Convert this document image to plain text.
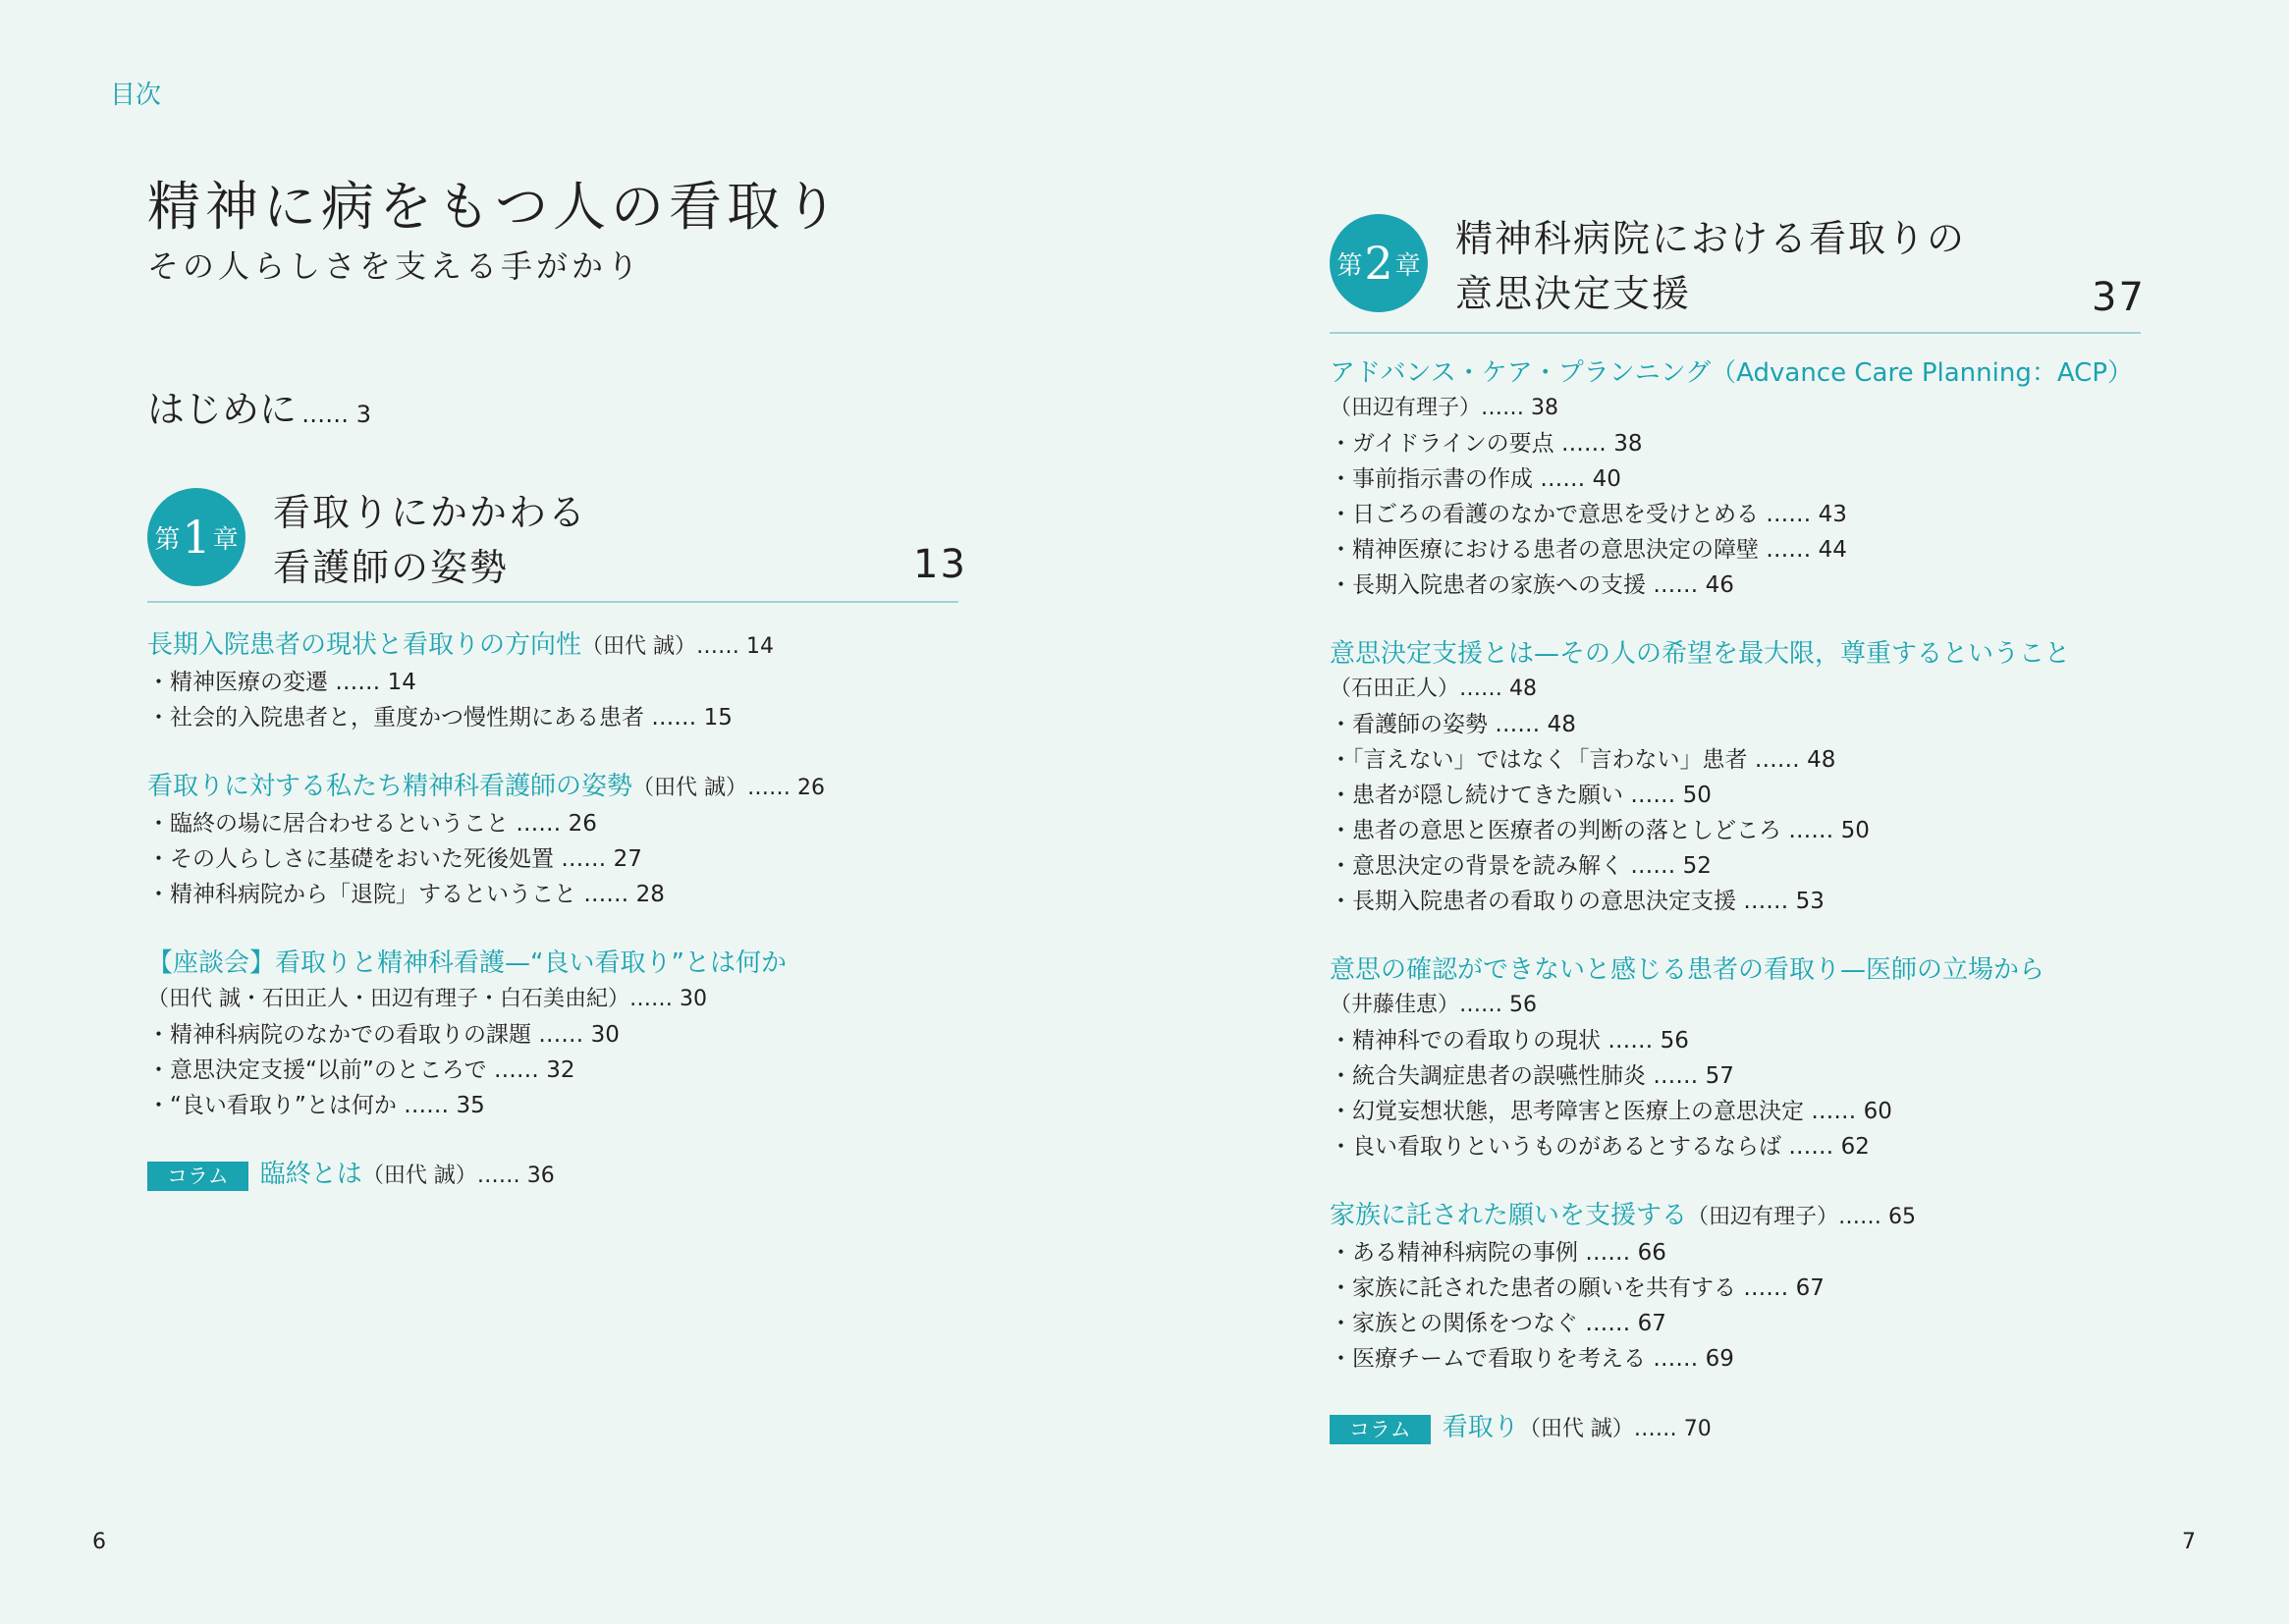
目次
精神に病をもつ人の看取り
その人らしさを支える手がかり
はじめに …… 3
第 1 章
看取りにかかわる
看護師の姿勢	13
長期入院患者の現状と看取りの方向性（田代 誠）…… 14
・精神医療の変遷 …… 14
・社会的入院患者と，重度かつ慢性期にある患者 …… 15
看取りに対する私たち精神科看護師の姿勢（田代 誠）…… 26
・臨終の場に居合わせるということ …… 26
・その人らしさに基礎をおいた死後処置 …… 27
・精神科病院から「退院」するということ …… 28
【座談会】看取りと精神科看護—“良い看取り”とは何か
（田代 誠・石田正人・田辺有理子・白石美由紀）…… 30
・精神科病院のなかでの看取りの課題 …… 30
・意思決定支援“以前”のところで …… 32
・“良い看取り”とは何か …… 35
コラム 臨終とは（田代 誠）…… 36
第 2 章
精神科病院における看取りの
意思決定支援	37
アドバンス・ケア・プランニング（Advance Care Planning：ACP）
（田辺有理子）…… 38
・ガイドラインの要点 …… 38
・事前指示書の作成 …… 40
・日ごろの看護のなかで意思を受けとめる …… 43
・精神医療における患者の意思決定の障壁 …… 44
・長期入院患者の家族への支援 …… 46
意思決定支援とは—その人の希望を最大限，尊重するということ
（石田正人）…… 48
・看護師の姿勢 …… 48
・「言えない」ではなく「言わない」患者 …… 48
・患者が隠し続けてきた願い …… 50
・患者の意思と医療者の判断の落としどころ …… 50
・意思決定の背景を読み解く …… 52
・長期入院患者の看取りの意思決定支援 …… 53
意思の確認ができないと感じる患者の看取り—医師の立場から
（井藤佳恵）…… 56
・精神科での看取りの現状 …… 56
・統合失調症患者の誤嚥性肺炎 …… 57
・幻覚妄想状態，思考障害と医療上の意思決定 …… 60
・良い看取りというものがあるとするならば …… 62
家族に託された願いを支援する（田辺有理子）…… 65
・ある精神科病院の事例 …… 66
・家族に託された患者の願いを共有する …… 67
・家族との関係をつなぐ …… 67
・医療チームで看取りを考える …… 69
コラム 看取り（田代 誠）…… 70
6	7
